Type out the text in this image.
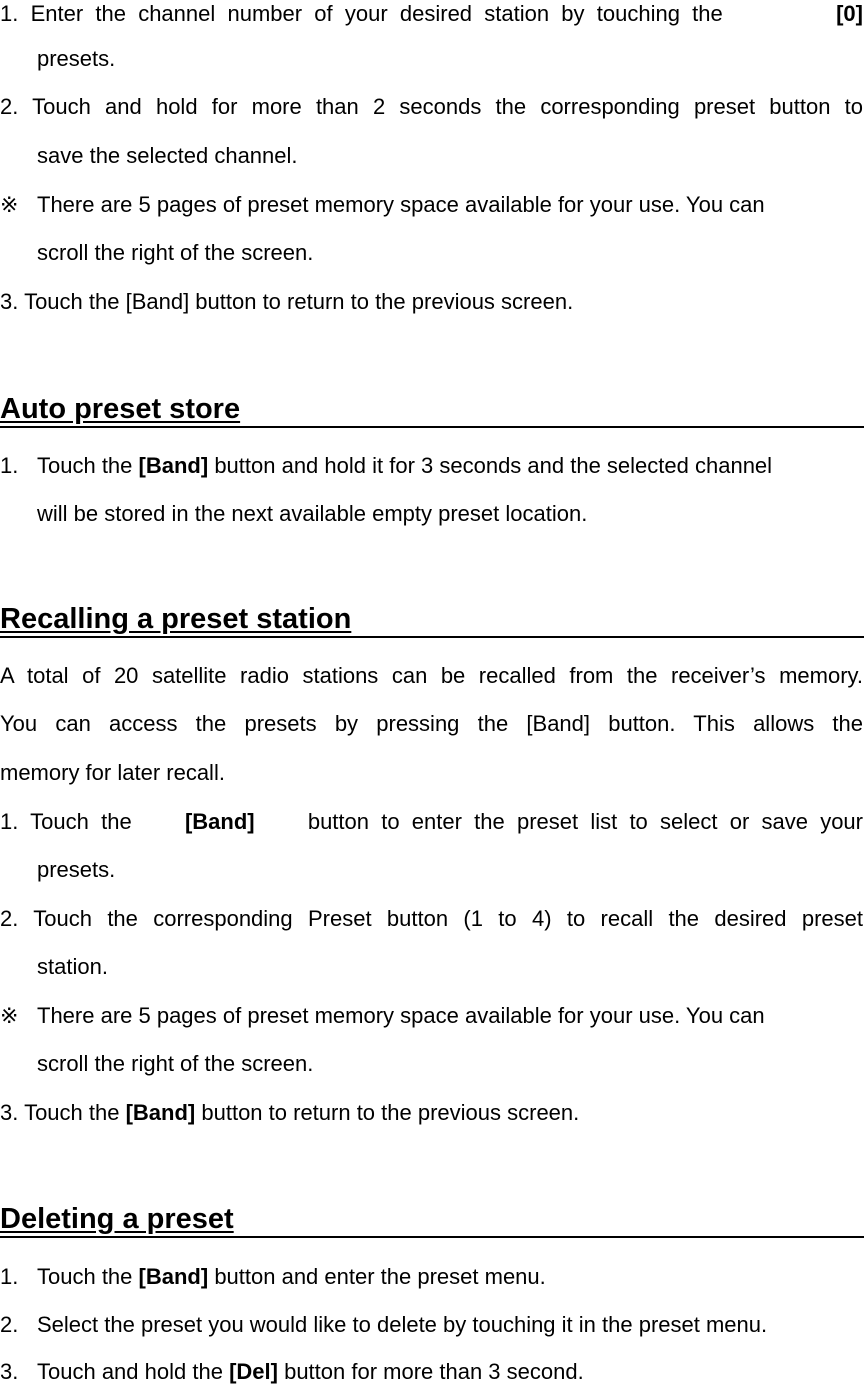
1.  Enter  the  channel  number  of  your  desired  station  by  touching  the	[0]
presets.
2. Touch and hold for more than 2 seconds the corresponding preset button to
save the selected channel.
※ There are 5 pages of preset memory space available for your use. You can
scroll the right of the screen.
3. Touch the [Band] button to return to the previous screen.
Auto preset store
1. Touch the [Band] button and hold it for 3 seconds and the selected channel
will be stored in the next available empty preset location.
Recalling a preset station
A total of 20 satellite radio stations can be recalled from the receiver’s memory.
You  can  access  the  presets  by  pressing  the  [Band]  button.  This  allows  the
memory for later recall.
1.  Touch  the [Band] button  to  enter  the  preset  list  to  select  or  save  your
presets.
2. Touch the corresponding Preset button (1 to 4) to recall the desired preset
station.
※ There are 5 pages of preset memory space available for your use. You can
scroll the right of the screen.
3. Touch the [Band] button to return to the previous screen.
Deleting a preset
1. Touch the [Band] button and enter the preset menu.
2. Select the preset you would like to delete by touching it in the preset menu.
3. Touch and hold the [Del] button for more than 3 second.
